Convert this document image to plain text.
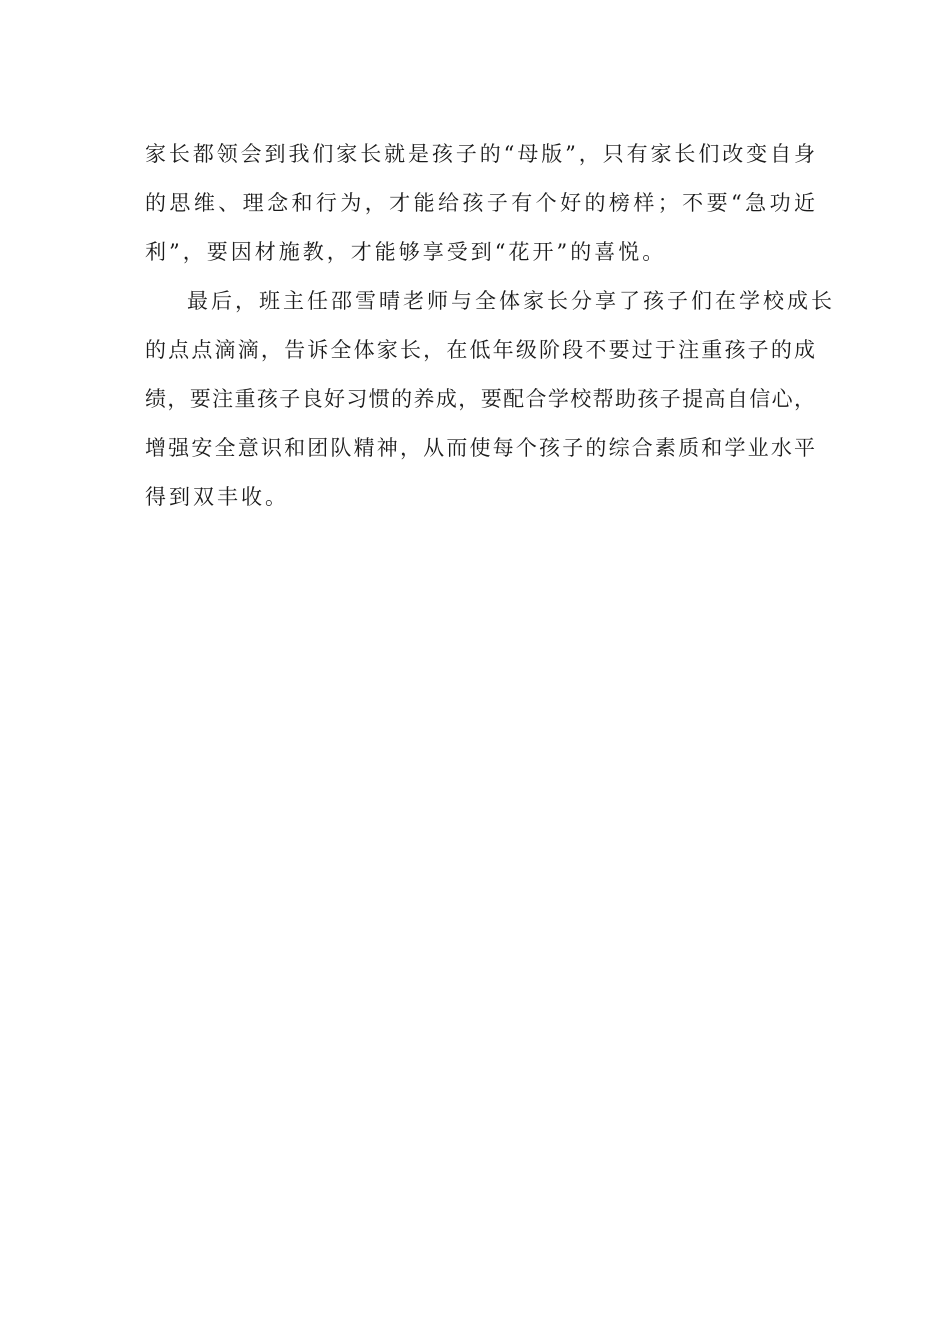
家长都领会到我们家长就是孩子的“母版”，只有家长们改变自身
的思维、理念和行为，才能给孩子有个好的榜样；不要“急功近
利”，要因材施教，才能够享受到“花开”的喜悦。
最后，班主任邵雪晴老师与全体家长分享了孩子们在学校成长
的点点滴滴，告诉全体家长，在低年级阶段不要过于注重孩子的成
绩，要注重孩子良好习惯的养成，要配合学校帮助孩子提高自信心，
增强安全意识和团队精神，从而使每个孩子的综合素质和学业水平
得到双丰收。
